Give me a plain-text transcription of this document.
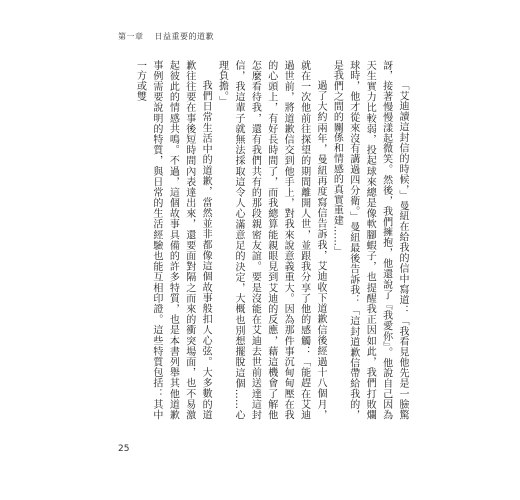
第一章 日益重要的道歉

「艾迪讀這封信的時候，」曼紐在給我的信中寫道：「我看見他先是一臉驚訝，接著慢慢漾起微笑。然後，我們擁抱，他還說了『我愛你』。他說自己因為天生實力比較弱，投起球來總是像軟腳蝦子，也提醒我正因如此，我們打敗爛球時，他才從來沒有講過四分衛。」曼紐最後告訴我：「這封道歉信帶給我的，是我們之間的關係和情感的真實重建……」

過了大約兩年，曼紐再度寫信告訴我，艾迪收下道歉信後經過十八個月，就在一次他前往探望的期間離開人世，並跟我分享了他的感觸：「能趕在艾迪過世前，將道歉信交到他手上，對我來說意義重大。因為那件事沉甸甸壓在我的心頭上，有好長時間了，而我總算能親眼見到艾迪的反應，藉這機會了解他怎麼看待我，還有我們共有的那段親密友誼。要是沒能在艾迪去世前送達這封信，我這輩子就無法採取這令人心滿意足的決定，大概也別想擺脫這個……心理負擔。」

我們日常生活中的道歉，當然並非都像這個故事般扣人心弦。大多數的道歉往往要在事後短時間內表達出來，還要面對隔之而來的衝突場面，也不易激起彼此的情感共鳴。不過，這個故事具備的許多特質，也是本書列舉其他道歉事例需要說明的特質，與日常的生活經驗也能互相印證。這些特質包括：其中一方或雙

25
